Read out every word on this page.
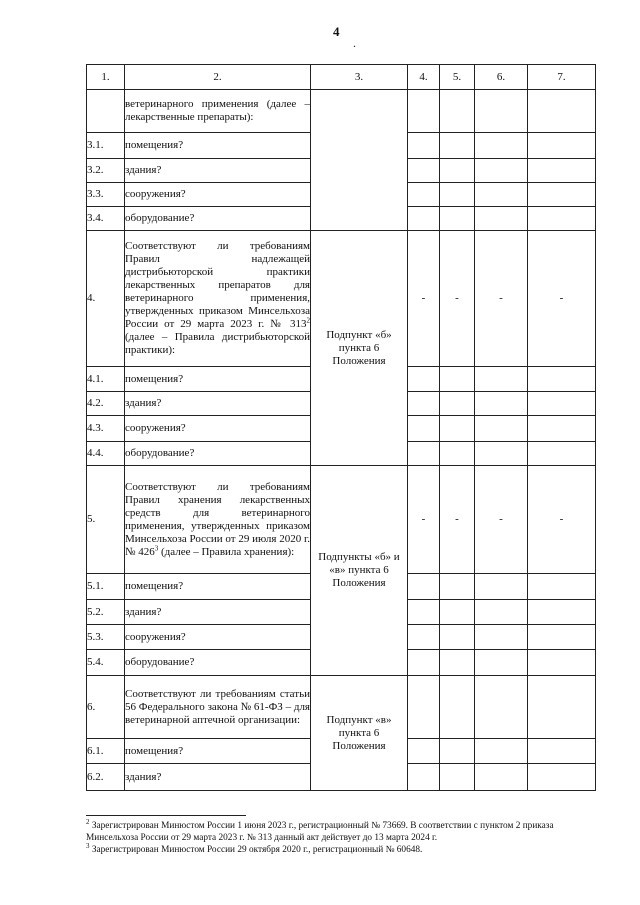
4
.
1.	2.	3.	4.	5.	6.	7.
	ветеринарного применения (далее – лекарственные препараты):					
3.1.	помещения?					
3.2.	здания?					
3.3.	сооружения?					
3.4.	оборудование?					
4.	Соответствуют ли требованиям Правил надлежащей дистрибьюторской практики лекарственных препаратов для ветеринарного применения, утвержденных приказом Минсельхоза России от 29 марта 2023 г. № $313^2$ (далее – Правила дистрибьюторской практики):	Подпункт «б» пункта 6 Положения	-	-	-	-
4.1.	помещения?					
4.2.	здания?					
4.3.	сооружения?					
4.4.	оборудование?					
5.	Соответствуют ли требованиям Правил хранения лекарственных средств для ветеринарного применения, утвержденных приказом Минсельхоза России от 29 июля 2020 г. № $426^3$ (далее – Правила хранения):	Подпункты «б» и «в» пункта 6 Положения	-	-	-	-
5.1.	помещения?					
5.2.	здания?					
5.3.	сооружения?					
5.4.	оборудование?					
6.	Соответствуют ли требованиям статьи 56 Федерального закона № 61-ФЗ – для ветеринарной аптечной организации:	Подпункт «в» пункта 6 Положения				
6.1.	помещения?					
6.2.	здания?					
$^2$ Зарегистрирован Минюстом России 1 июня 2023 г., регистрационный № 73669. В соответствии с пунктом 2 приказа Минсельхоза России от 29 марта 2023 г. № 313 данный акт действует до 13 марта 2024 г.
$^3$ Зарегистрирован Минюстом России 29 октября 2020 г., регистрационный № 60648.
